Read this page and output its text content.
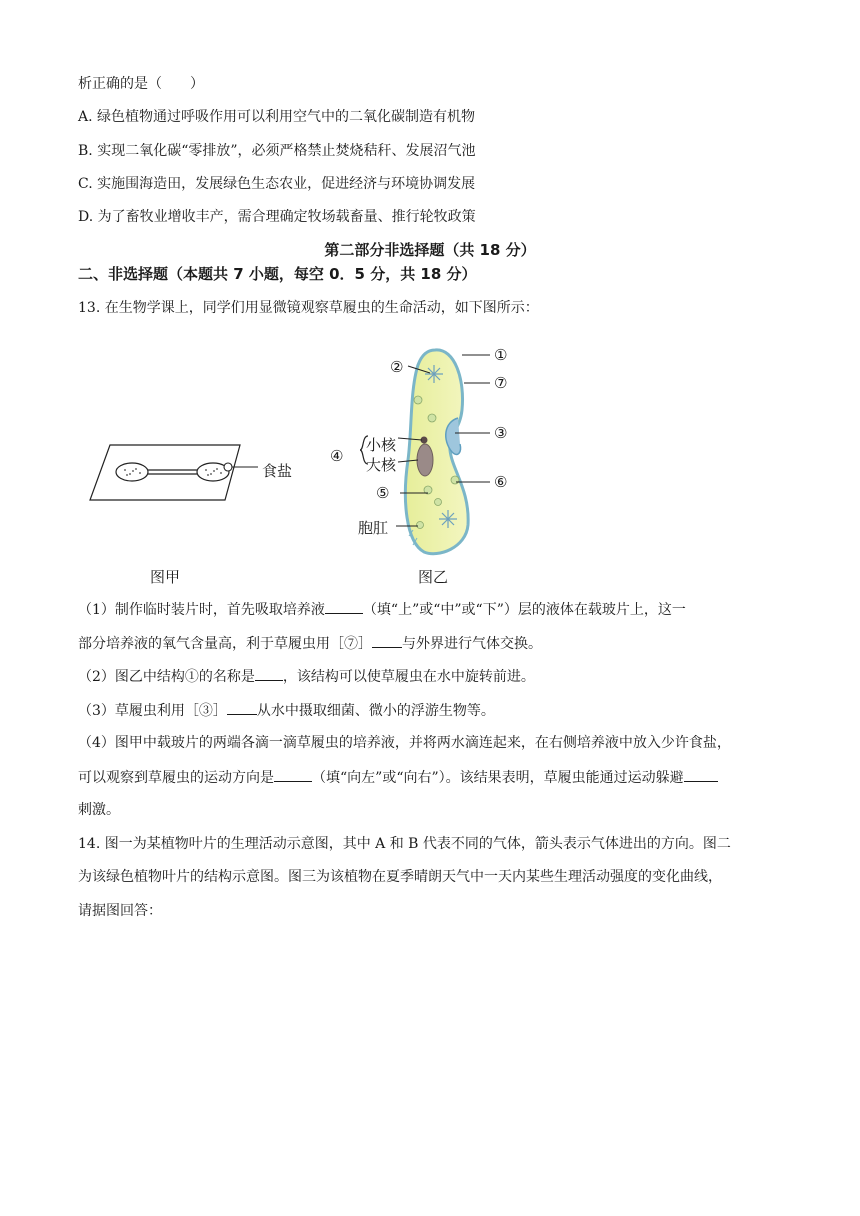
析正确的是（　　）
A. 绿色植物通过呼吸作用可以利用空气中的二氧化碳制造有机物
B. 实现二氧化碳“零排放”，必须严格禁止焚烧秸秆、发展沼气池
C. 实施围海造田，发展绿色生态农业，促进经济与环境协调发展
D. 为了畜牧业增收丰产，需合理确定牧场载畜量、推行轮牧政策
第二部分非选择题（共 18 分）
二、非选择题（本题共 7 小题，每空 0．5 分，共 18 分）
13. 在生物学课上，同学们用显微镜观察草履虫的生命活动，如下图所示：
食盐
图甲
②
①
⑦
③
⑥
④
小核
大核
⑤
胞肛
图乙
（1）制作临时装片时，首先吸取培养液	（填“上”或“中”或“下”）层的液体在载玻片上，这一
部分培养液的氧气含量高，利于草履虫用［⑦］ 与外界进行气体交换。
（2）图乙中结构①的名称是 ，该结构可以使草履虫在水中旋转前进。
（3）草履虫利用［③］ 从水中摄取细菌、微小的浮游生物等。
（4）图甲中载玻片的两端各滴一滴草履虫的培养液，并将两水滴连起来，在右侧培养液中放入少许食盐，
可以观察到草履虫的运动方向是	（填“向左”或“向右”）。该结果表明，草履虫能通过运动躲避
刺激。
14. 图一为某植物叶片的生理活动示意图，其中 A 和 B 代表不同的气体，箭头表示气体进出的方向。图二
为该绿色植物叶片的结构示意图。图三为该植物在夏季晴朗天气中一天内某些生理活动强度的变化曲线，
请据图回答：
